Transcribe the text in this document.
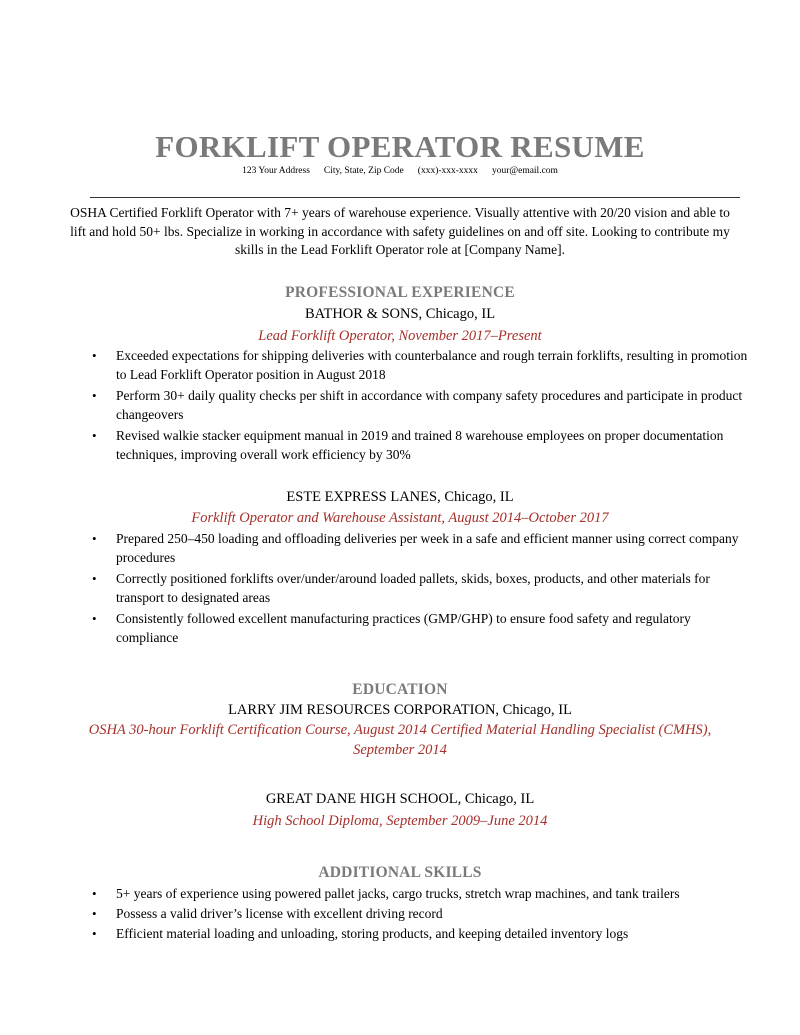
FORKLIFT OPERATOR RESUME
123 Your Address City, State, Zip Code (xxx)-xxx-xxxx your@email.com
OSHA Certified Forklift Operator with 7+ years of warehouse experience. Visually attentive with 20/20 vision and able to lift and hold 50+ lbs. Specialize in working in accordance with safety guidelines on and off site. Looking to contribute my skills in the Lead Forklift Operator role at [Company Name].
PROFESSIONAL EXPERIENCE
BATHOR & SONS, Chicago, IL
Lead Forklift Operator, November 2017–Present
• Exceeded expectations for shipping deliveries with counterbalance and rough terrain forklifts, resulting in promotion to Lead Forklift Operator position in August 2018
• Perform 30+ daily quality checks per shift in accordance with company safety procedures and participate in product changeovers
• Revised walkie stacker equipment manual in 2019 and trained 8 warehouse employees on proper documentation techniques, improving overall work efficiency by 30%
ESTE EXPRESS LANES, Chicago, IL
Forklift Operator and Warehouse Assistant, August 2014–October 2017
• Prepared 250–450 loading and offloading deliveries per week in a safe and efficient manner using correct company procedures
• Correctly positioned forklifts over/under/around loaded pallets, skids, boxes, products, and other materials for transport to designated areas
• Consistently followed excellent manufacturing practices (GMP/GHP) to ensure food safety and regulatory compliance
EDUCATION
LARRY JIM RESOURCES CORPORATION, Chicago, IL
OSHA 30-hour Forklift Certification Course, August 2014 Certified Material Handling Specialist (CMHS), September 2014
GREAT DANE HIGH SCHOOL, Chicago, IL
High School Diploma, September 2009–June 2014
ADDITIONAL SKILLS
• 5+ years of experience using powered pallet jacks, cargo trucks, stretch wrap machines, and tank trailers
• Possess a valid driver’s license with excellent driving record
• Efficient material loading and unloading, storing products, and keeping detailed inventory logs
